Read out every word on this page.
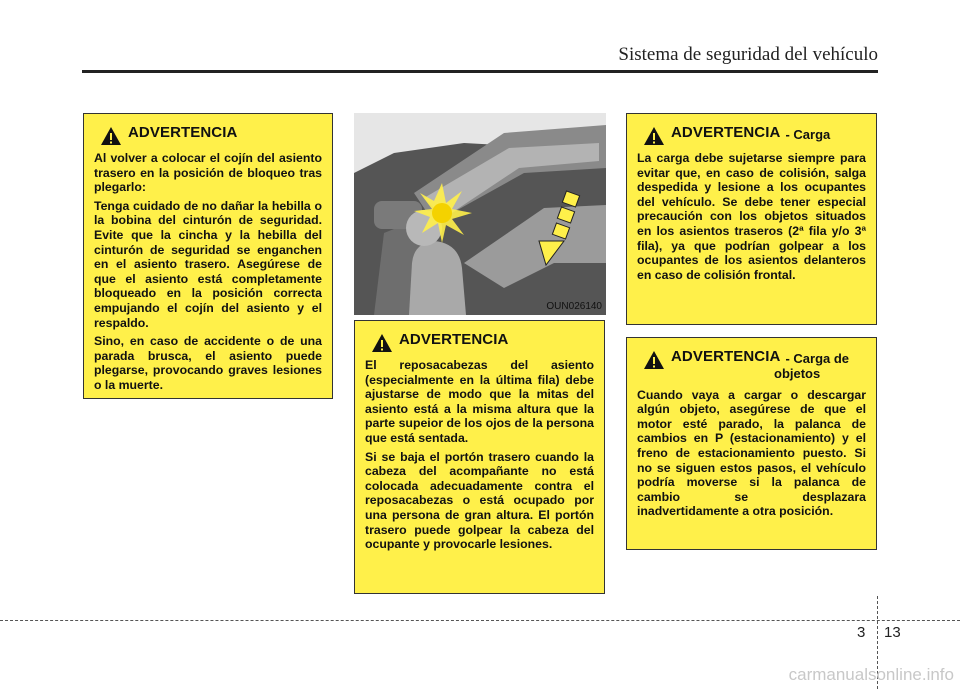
Sistema de seguridad del vehículo
ADVERTENCIA

Al volver a colocar el cojín del asiento trasero en la posición de bloqueo tras plegarlo:

Tenga cuidado de no dañar la hebilla o la bobina del cinturón de seguridad. Evite que la cincha y la hebilla del cinturón de seguridad se enganchen en el asiento trasero. Asegúrese de que el asiento está completamente bloqueado en la posición correcta empujando el cojín del asiento y el respaldo.

Sino, en caso de accidente o de una parada brusca, el asiento puede plegarse, provocando graves lesiones o la muerte.

OUN026140
ADVERTENCIA

El reposacabezas del asiento (especialmente en la última fila) debe ajustarse de modo que la mitas del asiento está a la misma altura que la parte supeior de los ojos de la persona que está sentada.

Si se baja el portón trasero cuando la cabeza del acompañante no está colocada adecuadamente contra el reposacabezas o está ocupado por una persona de gran altura. El portón trasero puede golpear la cabeza del ocupante y provocarle lesiones.

ADVERTENCIA - Carga

La carga debe sujetarse siempre para evitar que, en caso de colisión, salga despedida y lesione a los ocupantes del vehículo. Se debe tener especial precaución con los objetos situados en los asientos traseros (2ª fila y/o 3ª fila), ya que podrían golpear a los ocupantes de los asientos delanteros en caso de colisión frontal.

ADVERTENCIA - Carga de
objetos

Cuando vaya a cargar o descargar algún objeto, asegúrese de que el motor esté parado, la palanca de cambios en P (estacionamiento) y el freno de estacionamiento puesto. Si no se siguen estos pasos, el vehículo podría moverse si la palanca de cambio se desplazara inadvertidamente a otra posición.

3 13
carmanualsonline.info
